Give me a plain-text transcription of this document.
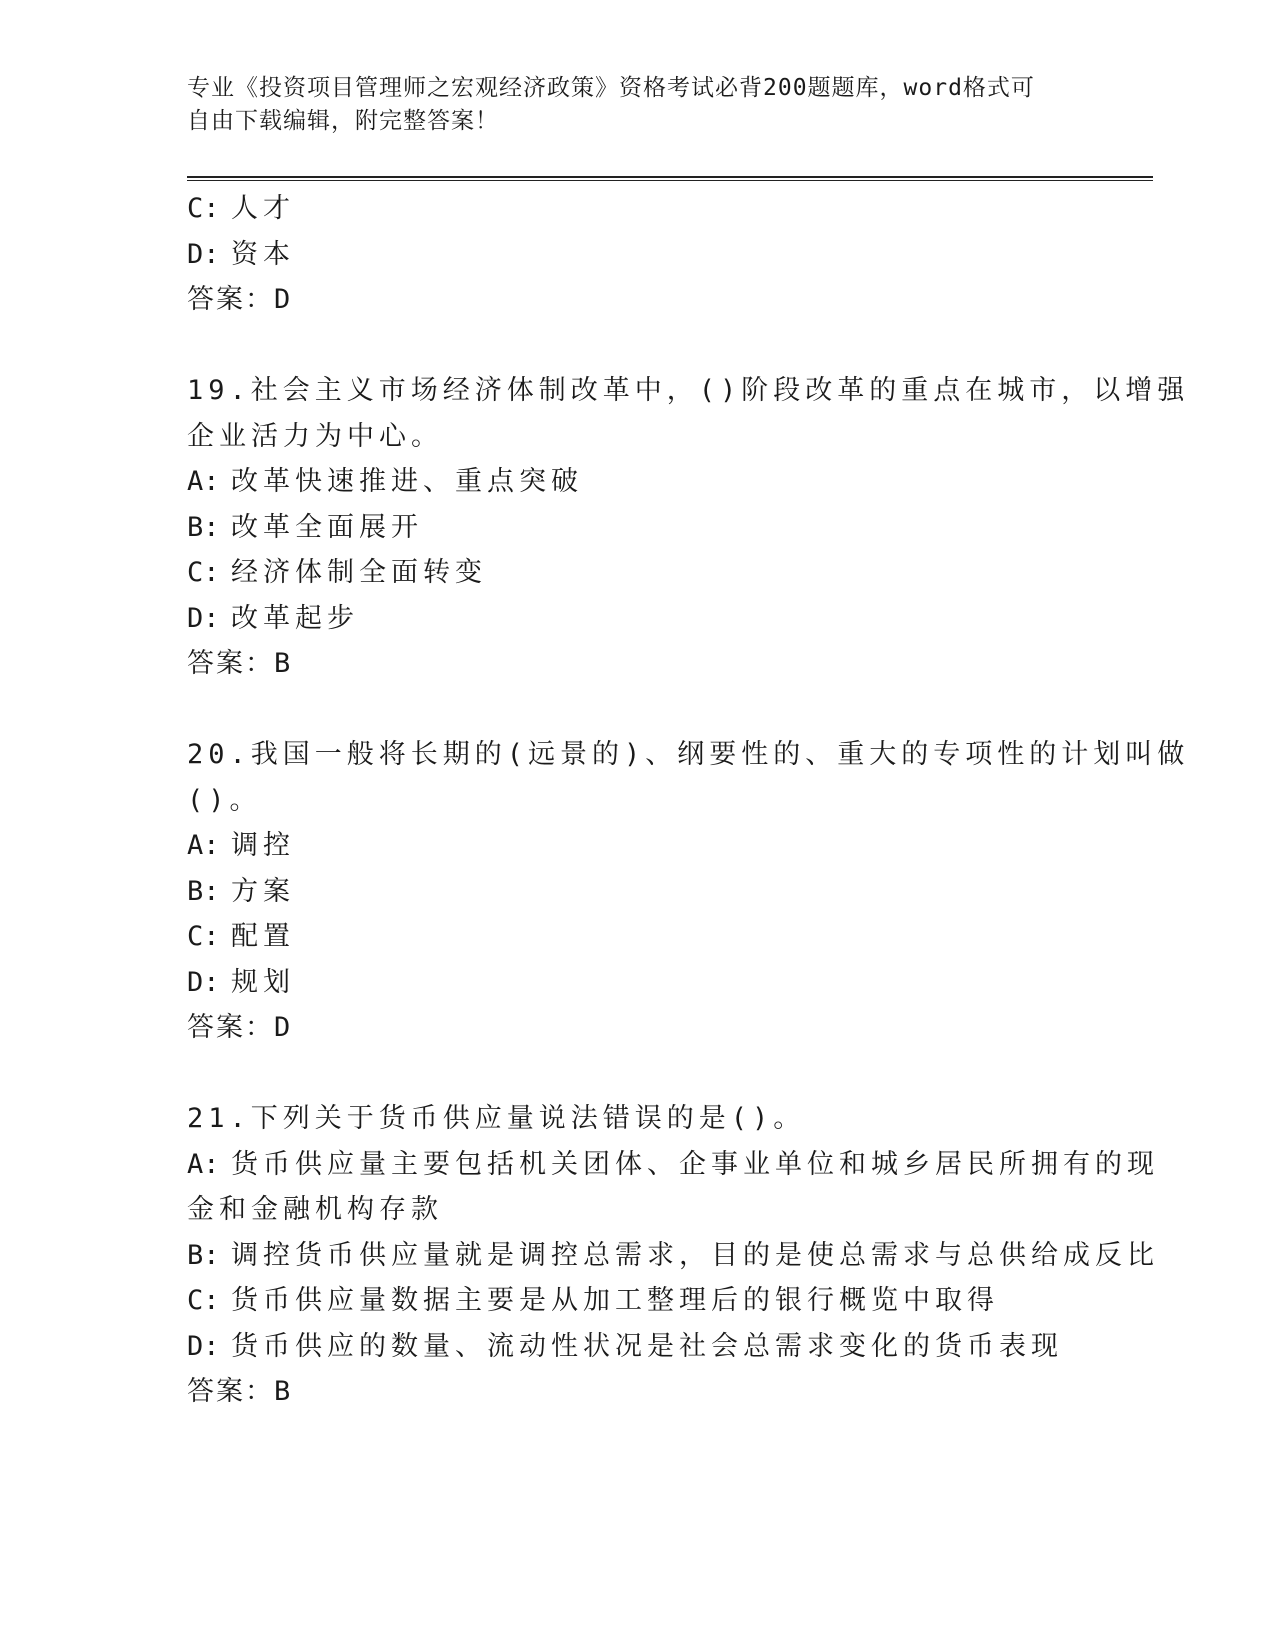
专业《投资项目管理师之宏观经济政策》资格考试必背200题题库，word格式可
自由下载编辑，附完整答案！
C: 人才
D: 资本
答案：D
19.社会主义市场经济体制改革中，()阶段改革的重点在城市，以增强
企业活力为中心。
A: 改革快速推进、重点突破
B: 改革全面展开
C: 经济体制全面转变
D: 改革起步
答案：B
20.我国一般将长期的(远景的)、纲要性的、重大的专项性的计划叫做
()。
A: 调控
B: 方案
C: 配置
D: 规划
答案：D
21.下列关于货币供应量说法错误的是()。
A: 货币供应量主要包括机关团体、企事业单位和城乡居民所拥有的现
金和金融机构存款
B: 调控货币供应量就是调控总需求，目的是使总需求与总供给成反比
C: 货币供应量数据主要是从加工整理后的银行概览中取得
D: 货币供应的数量、流动性状况是社会总需求变化的货币表现
答案：B
